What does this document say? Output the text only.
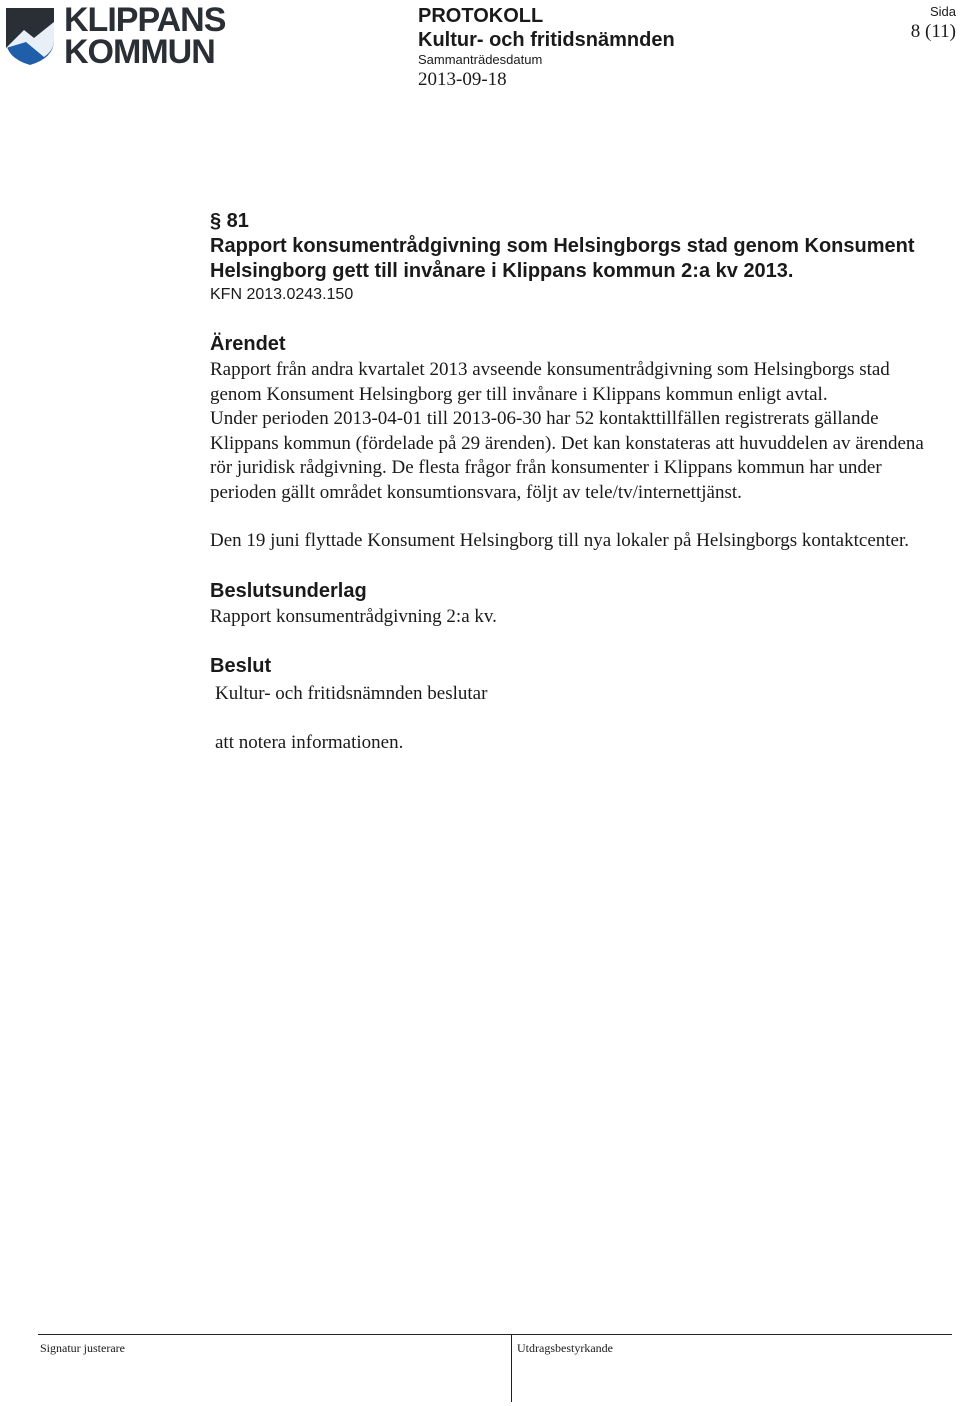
KLIPPANS
KOMMUN
PROTOKOLL
Kultur- och fritidsnämnden
Sammanträdesdatum
2013-09-18
Sida
8 (11)
§ 81
Rapport konsumentrådgivning som Helsingborgs stad genom Konsument Helsingborg gett till invånare i Klippans kommun 2:a kv 2013.
KFN 2013.0243.150
Ärendet
Rapport från andra kvartalet 2013 avseende konsumentrådgivning som Helsingborgs stad genom Konsument Helsingborg ger till invånare i Klippans kommun enligt avtal.
Under perioden 2013-04-01 till 2013-06-30 har 52 kontakttillfällen registrerats gällande Klippans kommun (fördelade på 29 ärenden). Det kan konstateras att huvuddelen av ärendena rör juridisk rådgivning. De flesta frågor från konsumenter i Klippans kommun har under perioden gällt området konsumtionsvara, följt av tele/tv/internettjänst.
Den 19 juni flyttade Konsument Helsingborg till nya lokaler på Helsingborgs kontaktcenter.
Beslutsunderlag
Rapport konsumentrådgivning 2:a kv.
Beslut
Kultur- och fritidsnämnden beslutar
att notera informationen.
Signatur justerare	Utdragsbestyrkande
